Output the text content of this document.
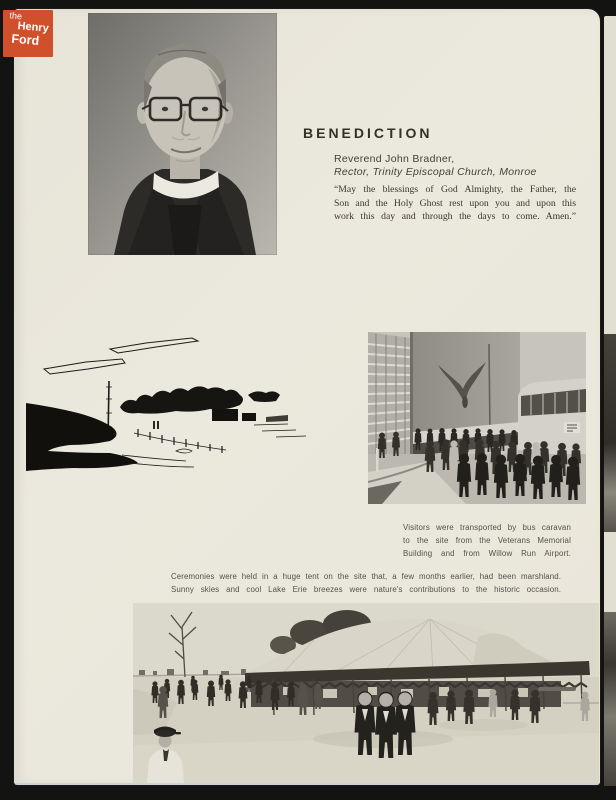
BENEDICTION
Reverend John Bradner,
Rector, Trinity Episcopal Church, Monroe
“May the blessings of God Almighty, the Father, the
Son and the Holy Ghost rest upon you and upon this
work this day and through the days to come. Amen.”
Visitors were transported by bus caravan
to the site from the Veterans Memorial
Building and from Willow Run Airport.
Ceremonies were held in a huge tent on the site that, a few months earlier, had been marshland.
Sunny skies and cool Lake Erie breezes were nature's contributions to the historic occasion.
the
Henry
Ford
